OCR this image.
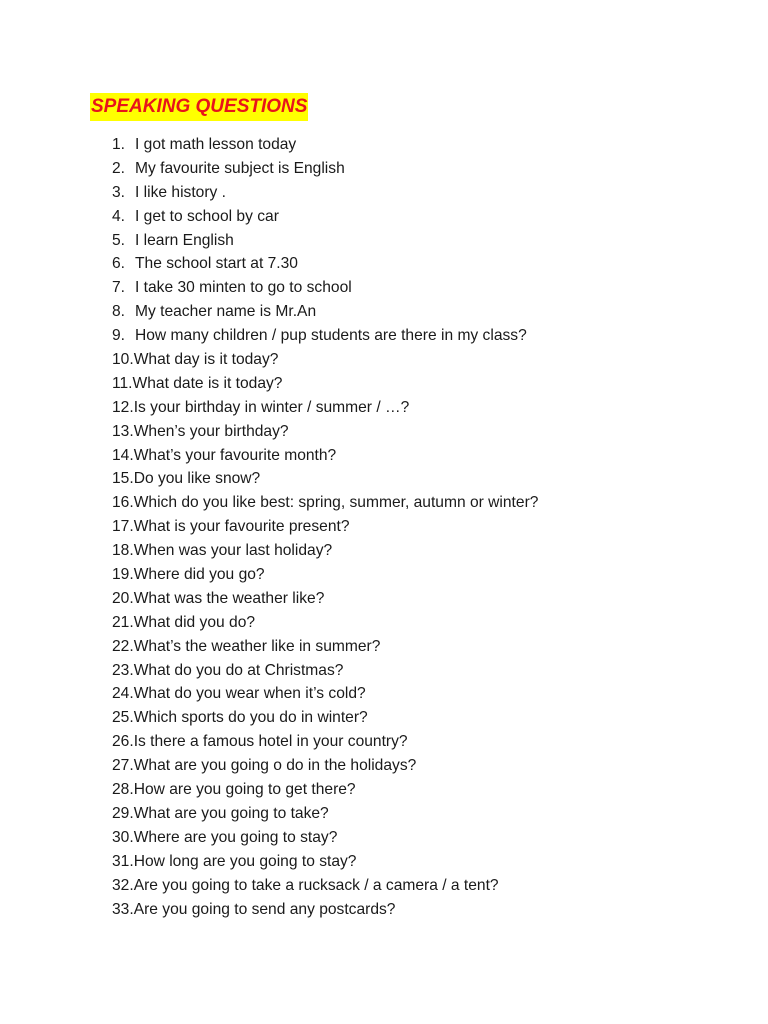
SPEAKING QUESTIONS
1. I got math lesson today
2. My favourite subject is English
3. I like history .
4. I get to school by car
5. I learn English
6. The school start at 7.30
7. I take 30 minten to go to school
8. My teacher name is Mr.An
9. How many children / pup students are there in my class?
10. What day is it today?
11. What date is it today?
12. Is your birthday in winter / summer / …?
13. When’s your birthday?
14. What’s your favourite month?
15. Do you like snow?
16. Which do you like best: spring, summer, autumn or winter?
17. What is your favourite present?
18. When was your last holiday?
19. Where did you go?
20. What was the weather like?
21. What did you do?
22. What’s the weather like in summer?
23. What do you do at Christmas?
24. What do you wear when it’s cold?
25. Which sports do you do in winter?
26. Is there a famous hotel in your country?
27. What are you going o do in the holidays?
28. How are you going to get there?
29. What are you going to take?
30. Where are you going to stay?
31. How long are you going to stay?
32. Are you going to take a rucksack / a camera / a tent?
33. Are you going to send any postcards?
